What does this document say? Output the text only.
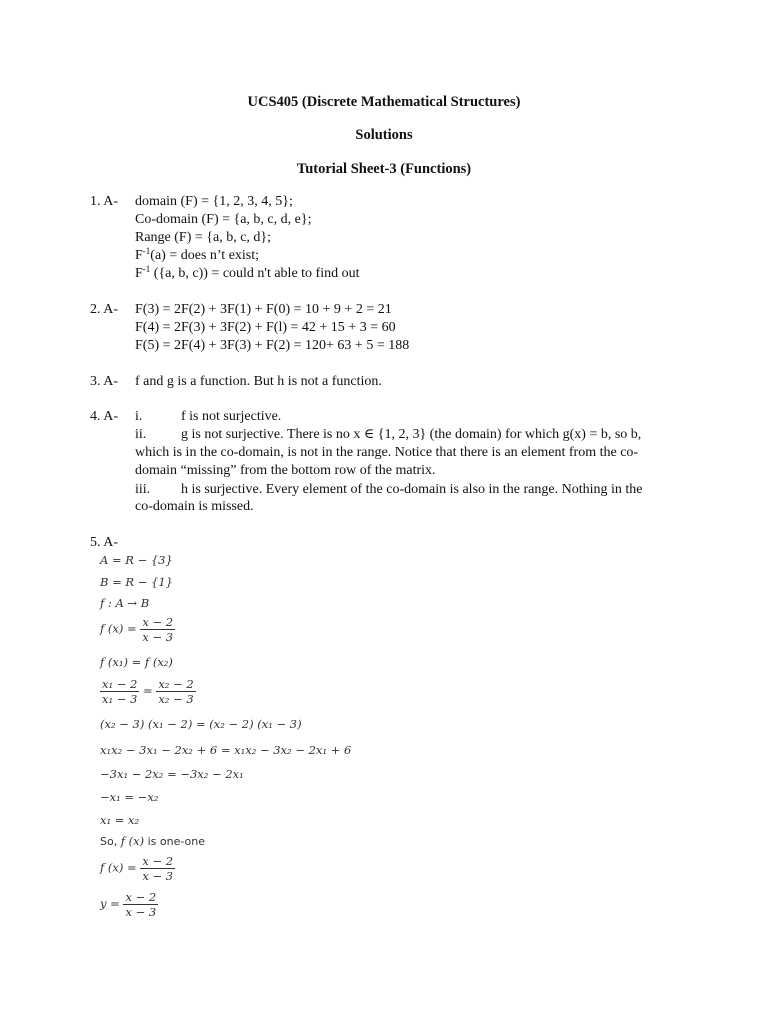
UCS405 (Discrete Mathematical Structures)
Solutions
Tutorial Sheet-3 (Functions)
1. A- domain (F) = {1, 2, 3, 4, 5};
Co-domain (F) = {a, b, c, d, e};
Range (F) = {a, b, c, d};
$F^{-1}(a)$ = does n’t exist;
$F^{-1}$ ({a, b, c)) = could n't able to find out
2. A- F(3) = 2F(2) + 3F(1) + F(0) = 10 + 9 + 2 = 21
F(4) = 2F(3) + 3F(2) + F(l) = 42 + 15 + 3 = 60
F(5) = 2F(4) + 3F(3) + F(2) = 120+ 63 + 5 = 188
3. A- f and g is a function. But h is not a function.
4. A- i.	f is not surjective.
ii. g is not surjective. There is no x ∈ {1, 2, 3} (the domain) for which g(x) = b, so b,
which is in the co-domain, is not in the range. Notice that there is an element from the co-
domain “missing” from the bottom row of the matrix.
iii. h is surjective. Every element of the co-domain is also in the range. Nothing in the
co-domain is missed.
5. A-
A = R − {3}
B = R − {1}
f : A → B
f $(x) = \frac{x - 2}{x - 3}$
f (x₁) = f (x₂)
$\frac{\text{x₁ − 2}}{\text{x₁ − 3}} = \frac{\text{x₂ − 2}}{\text{x₂ − 3}}$
(x₂ − 3) (x₁ − 2) = (x₂ − 2) (x₁ − 3)
x₁x₂ − 3x₁ − 2x₂ + 6 = x₁x₂ − 3x₂ − 2x₁ + 6
−3x₁ − 2x₂ = −3x₂ − 2x₁
−x₁ = −x₂
x₁ = x₂
So, f (x) is one-one
f $(x) = \frac{x - 2}{x - 3}$
$y = \frac{x - 2}{x - 3}$
